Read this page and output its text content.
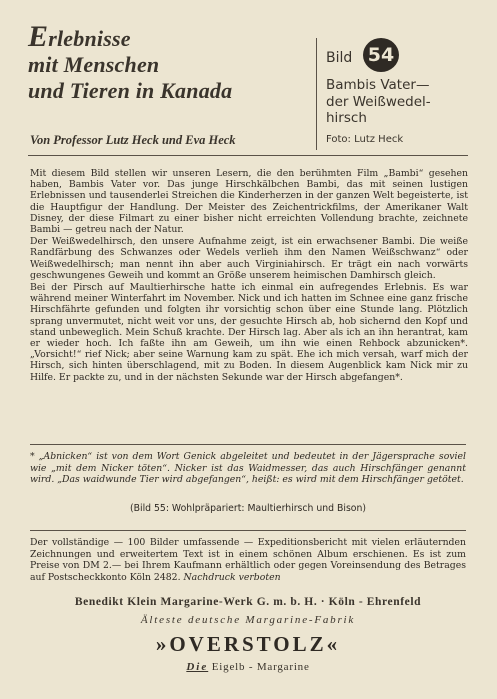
Erlebnisse
mit Menschen
und Tieren in Kanada
Von Professor Lutz Heck und Eva Heck
Bild 54
Bambis Vater—
der Weißwedel-
hirsch
Foto: Lutz Heck

Mit diesem Bild stellen wir unseren Lesern, die den berühmten Film „Bambi“ gesehen haben, Bambis Vater vor. Das junge Hirschkälbchen Bambi, das mit seinen lustigen Erlebnissen und tausenderlei Streichen die Kinderherzen in der ganzen Welt begeisterte, ist die Hauptfigur der Handlung. Der Meister des Zeichentrickfilms, der Amerikaner Walt Disney, der diese Filmart zu einer bisher nicht erreichten Vollendung brachte, zeichnete Bambi — getreu nach der Natur.

Der Weißwedelhirsch, den unsere Aufnahme zeigt, ist ein erwachsener Bambi. Die weiße Randfärbung des Schwanzes oder Wedels verlieh ihm den Namen Weißschwanz“ oder Weißwedelhirsch; man nennt ihn aber auch Virginiahirsch. Er trägt ein nach vorwärts geschwungenes Geweih und kommt an Größe unserem heimischen Damhirsch gleich.

Bei der Pirsch auf Maultierhirsche hatte ich einmal ein aufregendes Erlebnis. Es war während meiner Winterfahrt im November. Nick und ich hatten im Schnee eine ganz frische Hirschfährte gefunden und folgten ihr vorsichtig schon über eine Stunde lang. Plötzlich sprang unvermutet, nicht weit vor uns, der gesuchte Hirsch ab, hob sichernd den Kopf und stand unbeweglich. Mein Schuß krachte. Der Hirsch lag. Aber als ich an ihn herantrat, kam er wieder hoch. Ich faßte ihn am Geweih, um ihn wie einen Rehbock abzunicken*. „Vorsicht!“ rief Nick; aber seine Warnung kam zu spät. Ehe ich mich versah, warf mich der Hirsch, sich hinten überschlagend, mit zu Boden. In diesem Augenblick kam Nick mir zu Hilfe. Er packte zu, und in der nächsten Sekunde war der Hirsch abgefangen*.

* „Abnicken“ ist von dem Wort Genick abgeleitet und bedeutet in der Jägersprache soviel wie „mit dem Nicker töten“. Nicker ist das Waidmesser, das auch Hirschfänger genannt wird. „Das waidwunde Tier wird abgefangen“, heißt: es wird mit dem Hirschfänger getötet.
(Bild 55: Wohlpräpariert: Maultierhirsch und Bison)
Der vollständige — 100 Bilder umfassende — Expeditionsbericht mit vielen erläuternden Zeichnungen und erweitertem Text ist in einem schönen Album erschienen. Es ist zum Preise von DM 2.— bei Ihrem Kaufmann erhältlich oder gegen Voreinsendung des Betrages auf Postscheckkonto Köln 2482. Nachdruck verboten
Benedikt Klein Margarine-Werk G. m. b. H. · Köln - Ehrenfeld
Älteste deutsche Margarine-Fabrik
»OVERSTOLZ«
Die Eigelb - Margarine
